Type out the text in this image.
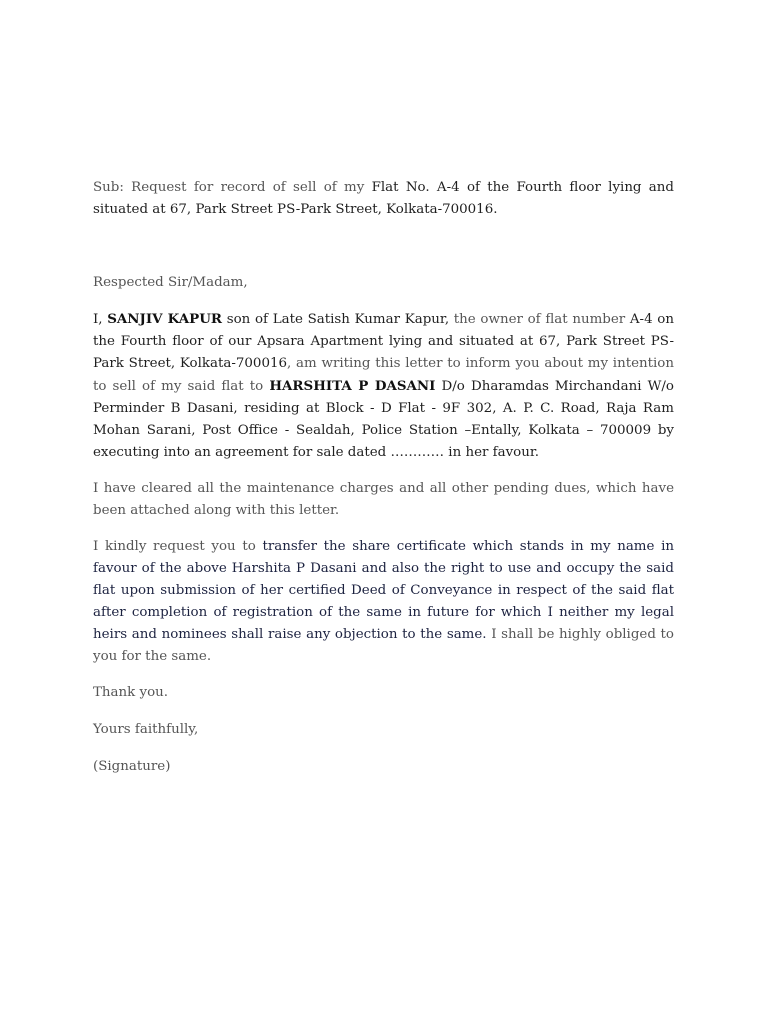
Sub: Request for record of sell of my Flat No. A-4 of the Fourth floor lying and situated at 67, Park Street PS-Park Street, Kolkata-700016.

Respected Sir/Madam,

I, SANJIV KAPUR son of Late Satish Kumar Kapur, the owner of flat number A-4 on the Fourth floor of our Apsara Apartment lying and situated at 67, Park Street PS-Park Street, Kolkata-700016, am writing this letter to inform you about my intention to sell of my said flat to HARSHITA P DASANI D/o Dharamdas Mirchandani W/o Perminder B Dasani, residing at Block - D Flat - 9F 302, A. P. C. Road, Raja Ram Mohan Sarani, Post Office - Sealdah, Police Station –Entally, Kolkata – 700009 by executing into an agreement for sale dated ………… in her favour.

I have cleared all the maintenance charges and all other pending dues, which have been attached along with this letter.

I kindly request you to transfer the share certificate which stands in my name in favour of the above Harshita P Dasani and also the right to use and occupy the said flat upon submission of her certified Deed of Conveyance in respect of the said flat after completion of registration of the same in future for which I neither my legal heirs and nominees shall raise any objection to the same. I shall be highly obliged to you for the same.

Thank you.

Yours faithfully,

(Signature)
